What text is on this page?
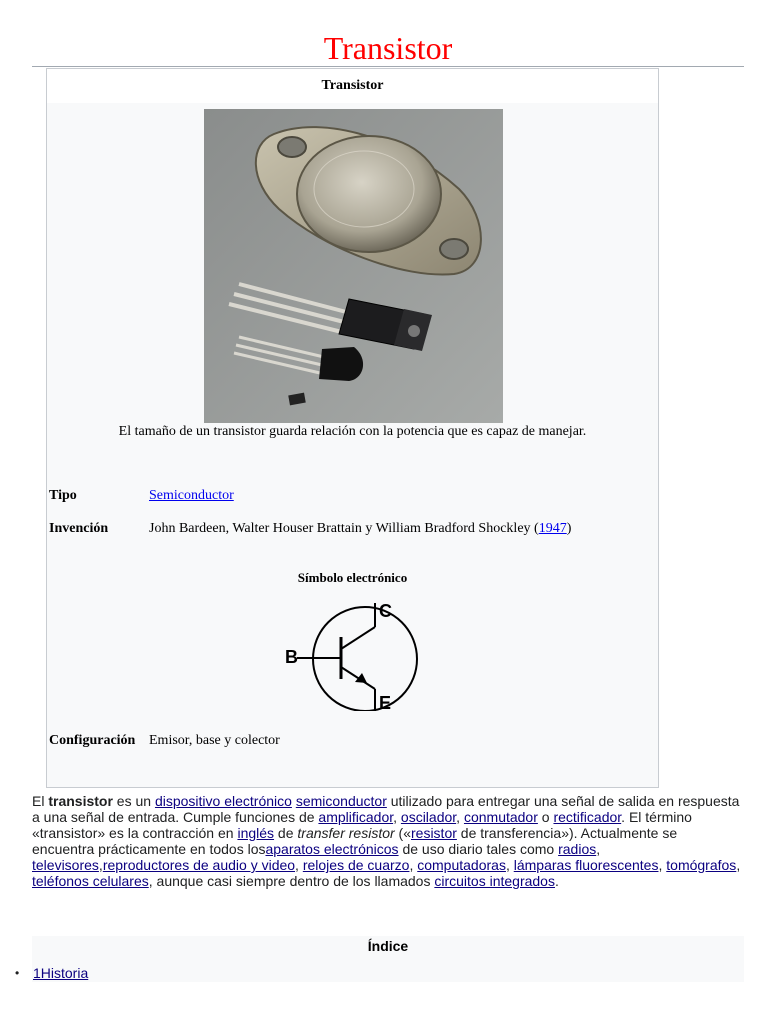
Transistor
Transistor
El tamaño de un transistor guarda relación con la potencia que es capaz de manejar.
Tipo	Semiconductor
Invención	John Bardeen, Walter Houser Brattain y William Bradford Shockley (1947)
Símbolo electrónico
C
B
E
Configuración Emisor, base y colector
El transistor es un dispositivo electrónico semiconductor utilizado para entregar una señal de salida en respuesta a una señal de entrada. Cumple funciones de amplificador, oscilador, conmutador o rectificador. El término «transistor» es la contracción en inglés de transfer resistor («resistor de transferencia»). Actualmente se encuentra prácticamente en todos losaparatos electrónicos de uso diario tales como radios, televisores,reproductores de audio y video, relojes de cuarzo, computadoras, lámparas fluorescentes, tomógrafos, teléfonos celulares, aunque casi siempre dentro de los llamados circuitos integrados.
Índice
• 1Historia
